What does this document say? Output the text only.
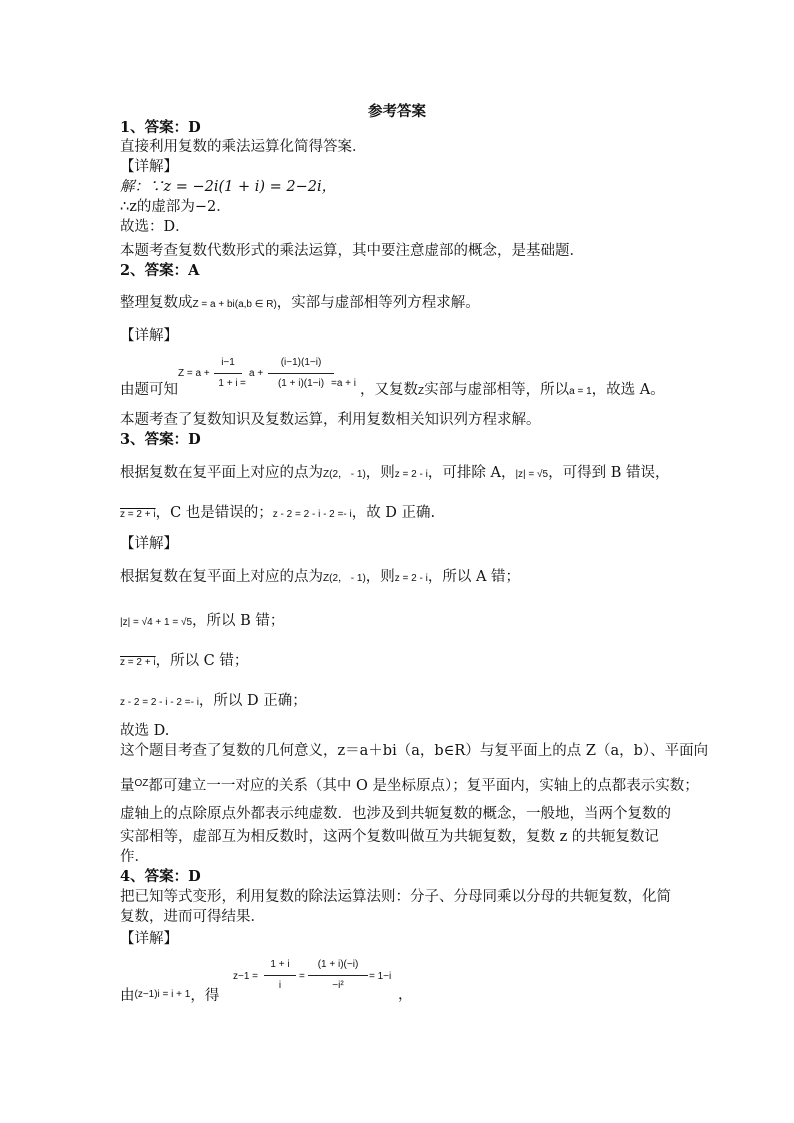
参考答案
1、答案：D
直接利用复数的乘法运算化简得答案．
【详解】
解：∵z = −2i(1 + i) = 2−2i，
∴z的虚部为−2．
故选：D．
本题考查复数代数形式的乘法运算，其中要注意虚部的概念，是基础题．
2、答案：A
整理复数成Z = a + bi(a,b ∈ R)，实部与虚部相等列方程求解。
【详解】
由题可知
Z = a +
i−1
1 + i =
a +
(i−1)(1−i)
(1 + i)(1−i) =a + i ，又复数Z实部与虚部相等，所以a = 1，故选 A。
本题考查了复数知识及复数运算，利用复数相关知识列方程求解。
3、答案：D
根据复数在复平面上对应的点为Z(2， - 1)，则z = 2 - i，可排除 A，|z| = √5，可得到 B 错误，
z = 2 + i，C 也是错误的；z - 2 = 2 - i - 2 =- i，故 D 正确.
【详解】
根据复数在复平面上对应的点为Z(2， - 1)，则z = 2 - i，所以 A 错；
|z| = √4 + 1 = √5，所以 B 错；
z = 2 + i，所以 C 错；
z - 2 = 2 - i - 2 =- i，所以 D 正确；
故选 D.
这个题目考查了复数的几何意义，z＝a＋bi（a，b∈R）与复平面上的点 Z（a，b）、平面向
量$^{OZ}$都可建立一一对应的关系（其中 O 是坐标原点）；复平面内，实轴上的点都表示实数；
虚轴上的点除原点外都表示纯虚数．也涉及到共轭复数的概念，一般地，当两个复数的
实部相等，虚部互为相反数时，这两个复数叫做互为共轭复数，复数 z 的共轭复数记
作．
4、答案：D
把已知等式变形，利用复数的除法运算法则：分子、分母同乘以分母的共轭复数，化简
复数，进而可得结果．
【详解】
由$^{(z-1)i = i + 1}$，得
z−1 =
1 + i
i
=
(1 + i)(−i)
−i²
= 1−i
，
